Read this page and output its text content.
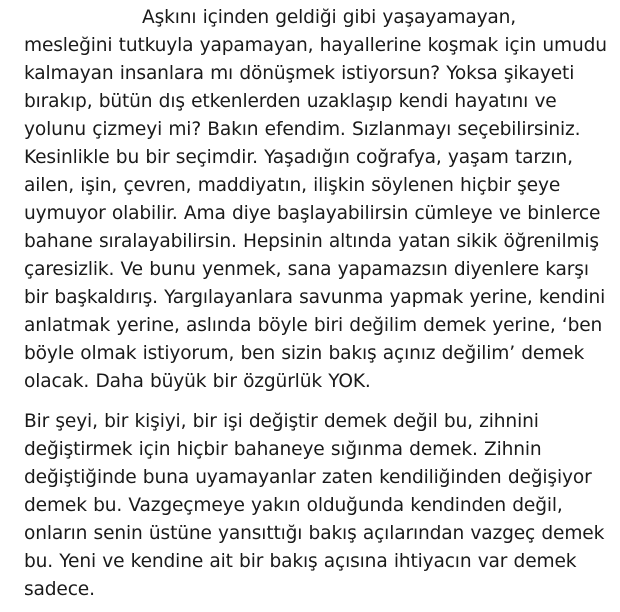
Aşkını içinden geldiği gibi yaşayamayan,
mesleğini tutkuyla yapamayan, hayallerine koşmak için umudu
kalmayan insanlara mı dönüşmek istiyorsun? Yoksa şikayeti
bırakıp, bütün dış etkenlerden uzaklaşıp kendi hayatını ve
yolunu çizmeyi mi? Bakın efendim. Sızlanmayı seçebilirsiniz.
Kesinlikle bu bir seçimdir. Yaşadığın coğrafya, yaşam tarzın,
ailen, işin, çevren, maddiyatın, ilişkin söylenen hiçbir şeye
uymuyor olabilir. Ama diye başlayabilirsin cümleye ve binlerce
bahane sıralayabilirsin. Hepsinin altında yatan sikik öğrenilmiş
çaresizlik. Ve bunu yenmek, sana yapamazsın diyenlere karşı
bir başkaldırış. Yargılayanlara savunma yapmak yerine, kendini
anlatmak yerine, aslında böyle biri değilim demek yerine, ‘ben
böyle olmak istiyorum, ben sizin bakış açınız değilim’ demek
olacak. Daha büyük bir özgürlük YOK.
Bir şeyi, bir kişiyi, bir işi değiştir demek değil bu, zihnini
değiştirmek için hiçbir bahaneye sığınma demek. Zihnin
değiştiğinde buna uyamayanlar zaten kendiliğinden değişiyor
demek bu. Vazgeçmeye yakın olduğunda kendinden değil,
onların senin üstüne yansıttığı bakış açılarından vazgeç demek
bu. Yeni ve kendine ait bir bakış açısına ihtiyacın var demek
sadece.
